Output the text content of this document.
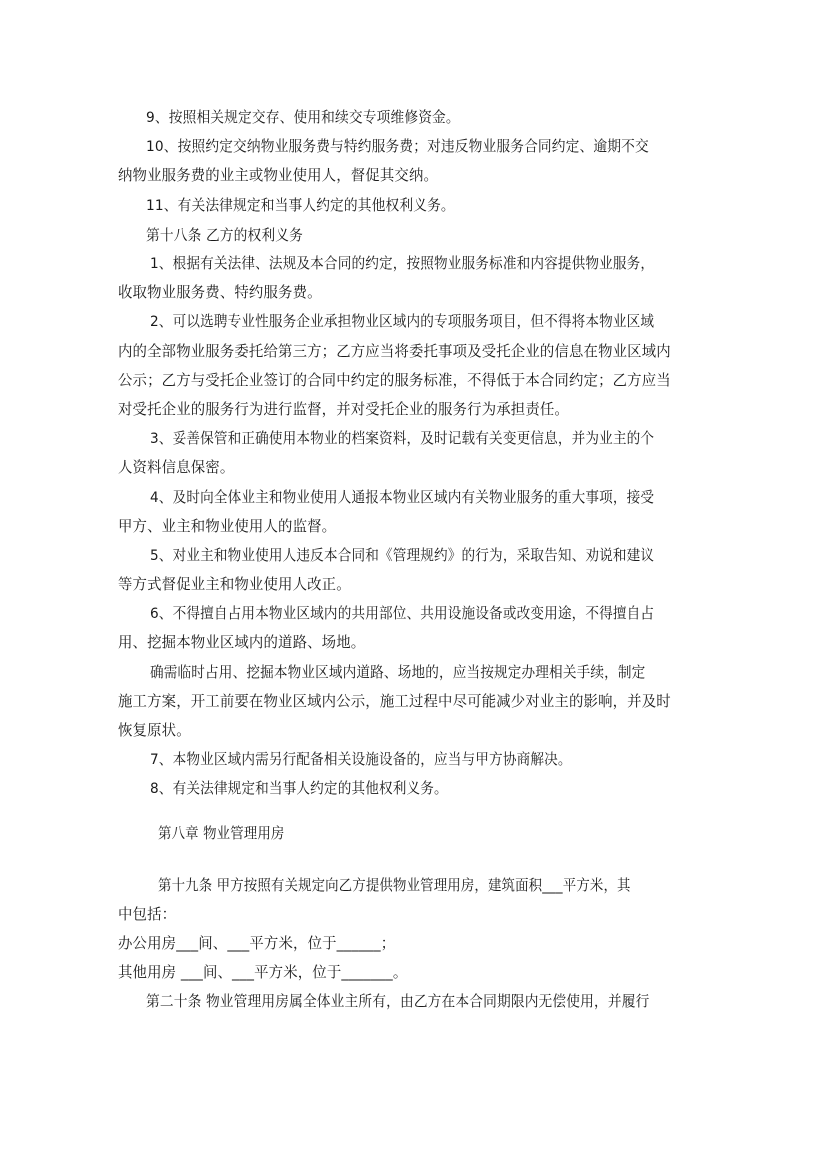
9、按照相关规定交存、使用和续交专项维修资金。
10、按照约定交纳物业服务费与特约服务费；对违反物业服务合同约定、逾期不交
纳物业服务费的业主或物业使用人，督促其交纳。
11、有关法律规定和当事人约定的其他权利义务。
第十八条 乙方的权利义务
1、根据有关法律、法规及本合同的约定，按照物业服务标准和内容提供物业服务，
收取物业服务费、特约服务费。
2、可以选聘专业性服务企业承担物业区域内的专项服务项目，但不得将本物业区域
内的全部物业服务委托给第三方；乙方应当将委托事项及受托企业的信息在物业区域内
公示；乙方与受托企业签订的合同中约定的服务标准，不得低于本合同约定；乙方应当
对受托企业的服务行为进行监督，并对受托企业的服务行为承担责任。
3、妥善保管和正确使用本物业的档案资料，及时记载有关变更信息，并为业主的个
人资料信息保密。
4、及时向全体业主和物业使用人通报本物业区域内有关物业服务的重大事项，接受
甲方、业主和物业使用人的监督。
5、对业主和物业使用人违反本合同和《管理规约》的行为，采取告知、劝说和建议
等方式督促业主和物业使用人改正。
6、不得擅自占用本物业区域内的共用部位、共用设施设备或改变用途，不得擅自占
用、挖掘本物业区域内的道路、场地。
确需临时占用、挖掘本物业区域内道路、场地的，应当按规定办理相关手续，制定
施工方案，开工前要在物业区域内公示，施工过程中尽可能减少对业主的影响，并及时
恢复原状。
7、本物业区域内需另行配备相关设施设备的，应当与甲方协商解决。
8、有关法律规定和当事人约定的其他权利义务。
第八章 物业管理用房
第十九条 甲方按照有关规定向乙方提供物业管理用房，建筑面积___平方米，其
中包括：
办公用房___间、___平方米，位于______；
其他用房 ___间、___平方米，位于_______。
第二十条 物业管理用房属全体业主所有，由乙方在本合同期限内无偿使用，并履行
